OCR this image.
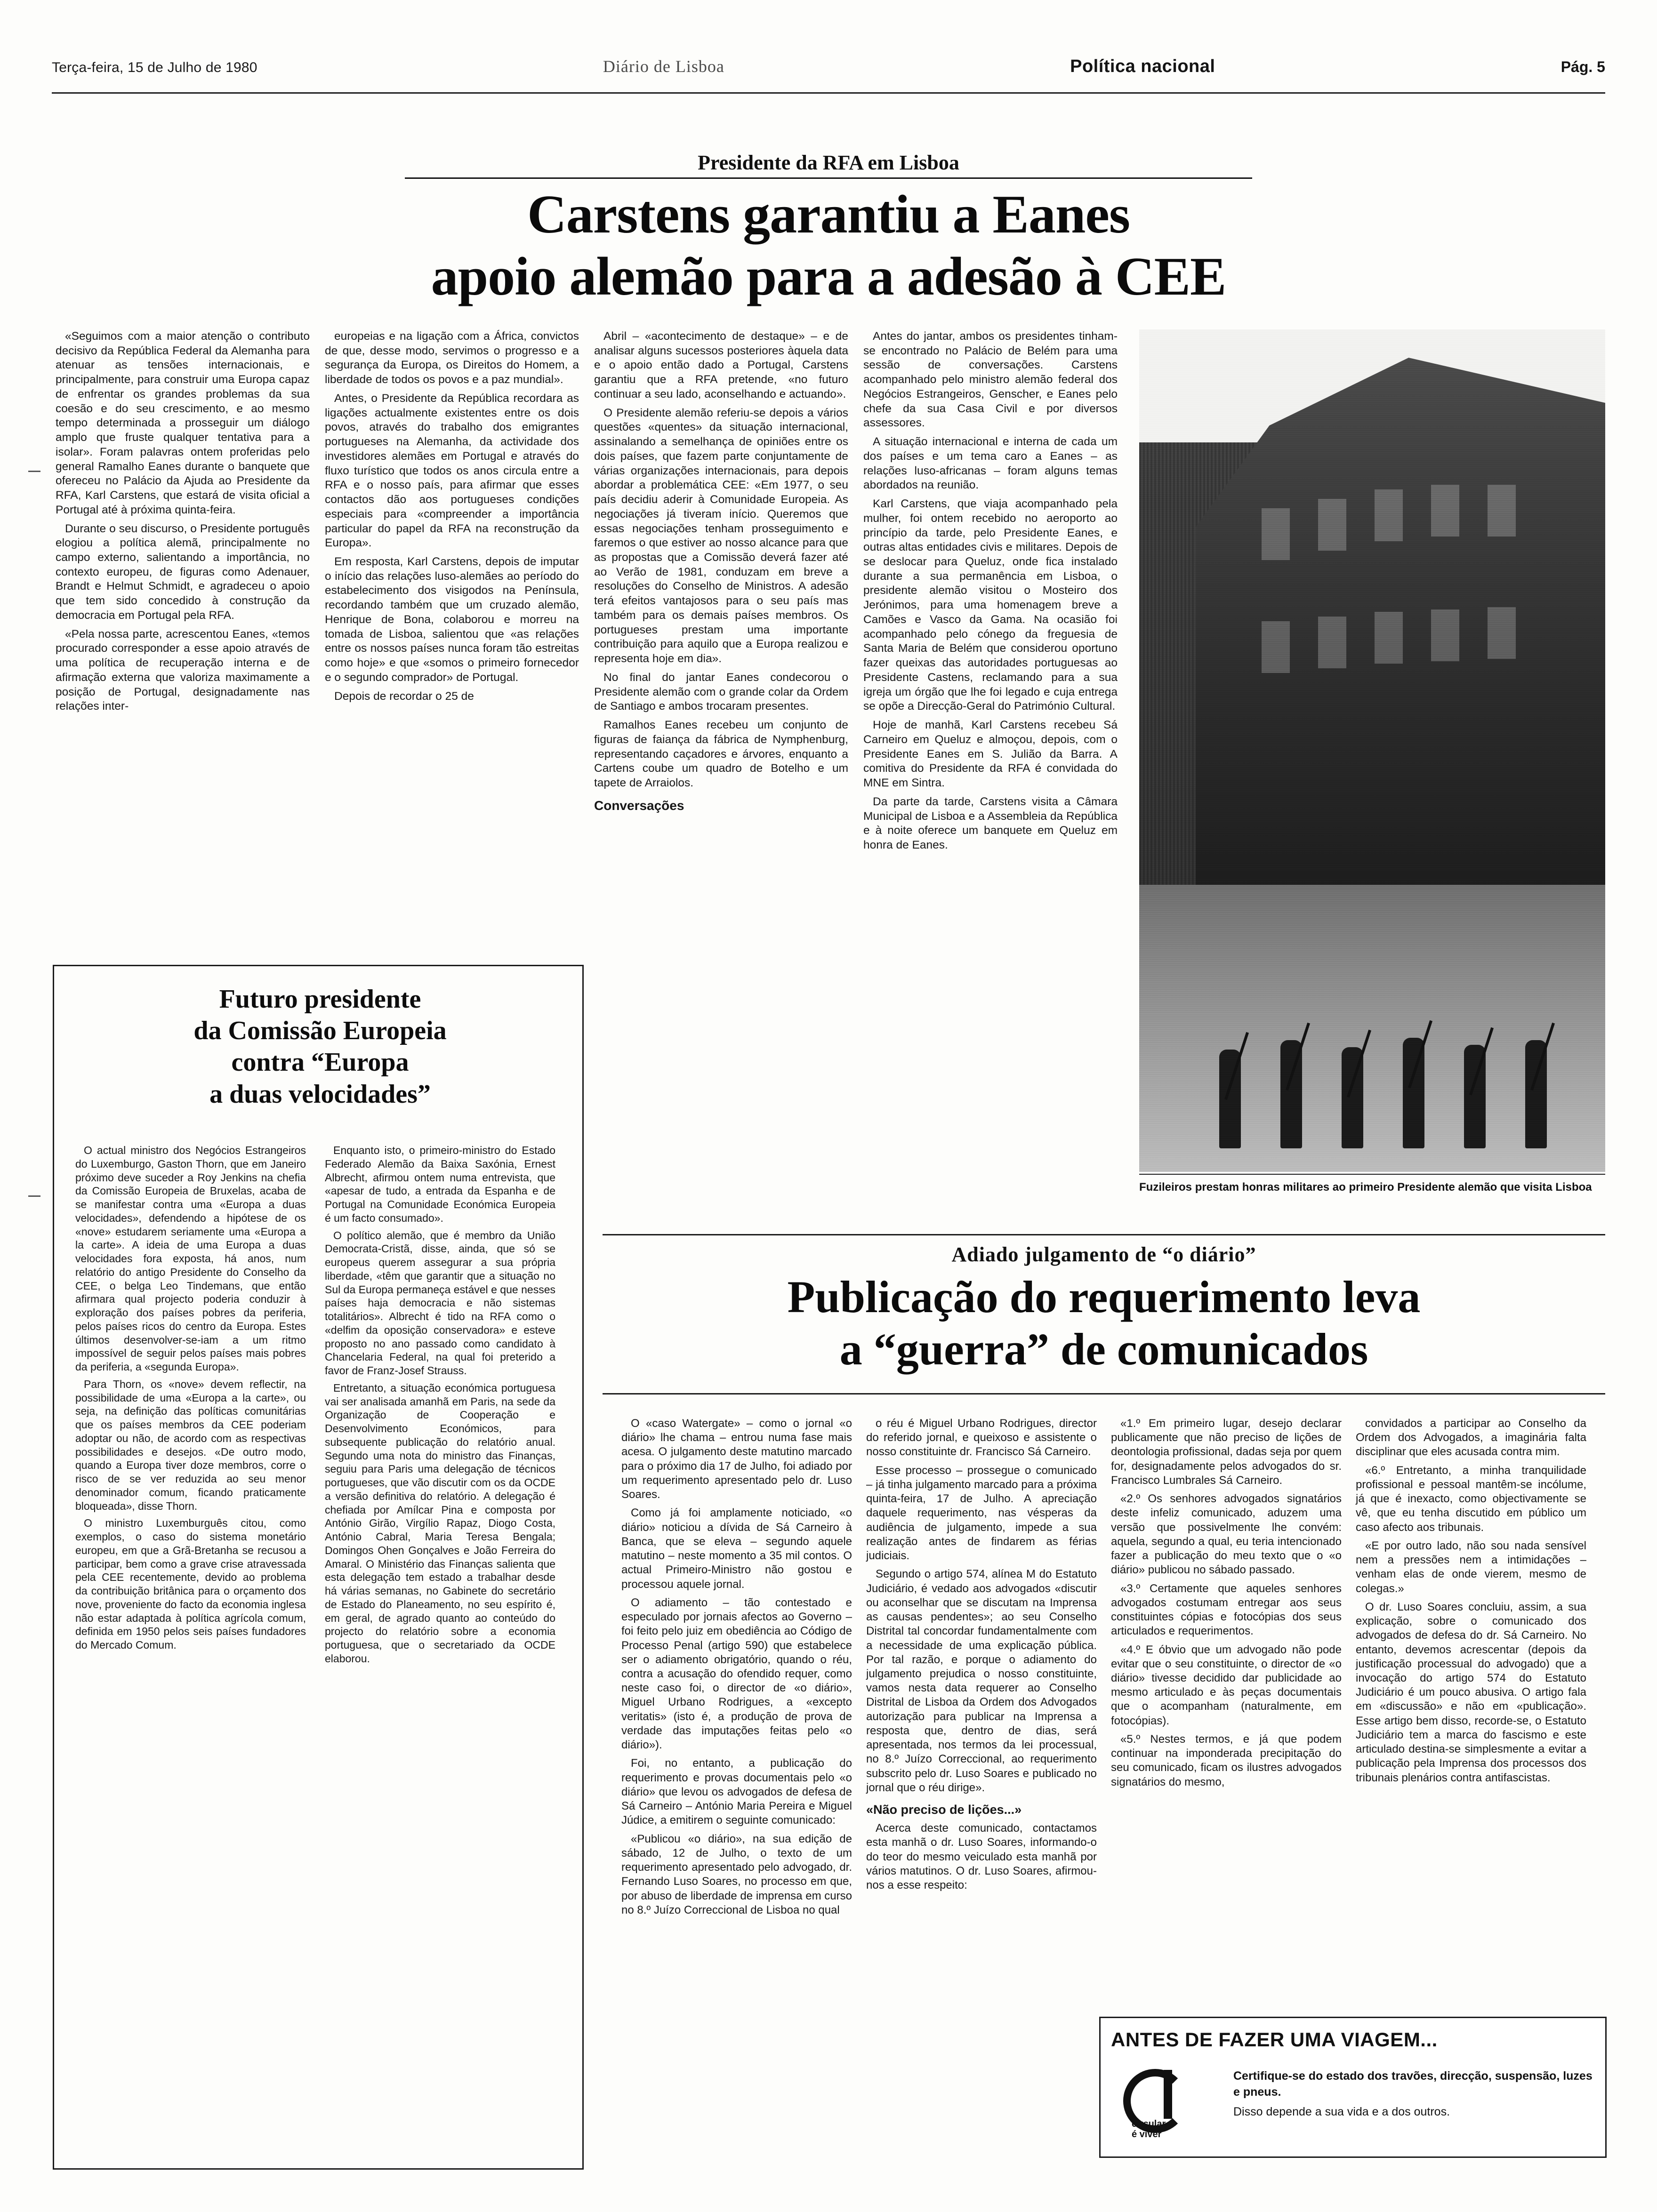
Terça-feira, 15 de Julho de 1980	Diário de Lisboa	Política nacional	Pág. 5
Presidente da RFA em Lisboa
Carstens garantiu a Eanes
apoio alemão para a adesão à CEE

«Seguimos com a maior atenção o contributo decisivo da República Federal da Alemanha para atenuar as tensões internacionais, e principalmente, para construir uma Europa capaz de enfrentar os grandes problemas da sua coesão e do seu crescimento, e ao mesmo tempo determinada a prosseguir um diálogo amplo que fruste qualquer tentativa para a isolar». Foram palavras ontem proferidas pelo general Ramalho Eanes durante o banquete que ofereceu no Palácio da Ajuda ao Presidente da RFA, Karl Carstens, que estará de visita oficial a Portugal até à próxima quinta-feira.

Durante o seu discurso, o Presidente português elogiou a política alemã, principalmente no campo externo, salientando a importância, no contexto europeu, de figuras como Adenauer, Brandt e Helmut Schmidt, e agradeceu o apoio que tem sido concedido à construção da democracia em Portugal pela RFA.

«Pela nossa parte, acrescentou Eanes, «temos procurado corresponder a esse apoio através de uma política de recuperação interna e de afirmação externa que valoriza maximamente a posição de Portugal, designadamente nas relações inter-

europeias e na ligação com a África, convictos de que, desse modo, servimos o progresso e a segurança da Europa, os Direitos do Homem, a liberdade de todos os povos e a paz mundial».

Antes, o Presidente da República recordara as ligações actualmente existentes entre os dois povos, através do trabalho dos emigrantes portugueses na Alemanha, da actividade dos investidores alemães em Portugal e através do fluxo turístico que todos os anos circula entre a RFA e o nosso país, para afirmar que esses contactos dão aos portugueses condições especiais para «compreender a importância particular do papel da RFA na reconstrução da Europa».

Em resposta, Karl Carstens, depois de imputar o início das relações luso-alemães ao período do estabelecimento dos visigodos na Península, recordando também que um cruzado alemão, Henrique de Bona, colaborou e morreu na tomada de Lisboa, salientou que «as relações entre os nossos países nunca foram tão estreitas como hoje» e que «somos o primeiro fornecedor e o segundo comprador» de Portugal.

Depois de recordar o 25 de

Abril – «acontecimento de destaque» – e de analisar alguns sucessos posteriores àquela data e o apoio então dado a Portugal, Carstens garantiu que a RFA pretende, «no futuro continuar a seu lado, aconselhando e actuando».

O Presidente alemão referiu-se depois a vários questões «quentes» da situação internacional, assinalando a semelhança de opiniões entre os dois países, que fazem parte conjuntamente de várias organizações internacionais, para depois abordar a problemática CEE: «Em 1977, o seu país decidiu aderir à Comunidade Europeia. As negociações já tiveram início. Queremos que essas negociações tenham prosseguimento e faremos o que estiver ao nosso alcance para que as propostas que a Comissão deverá fazer até ao Verão de 1981, conduzam em breve a resoluções do Conselho de Ministros. A adesão terá efeitos vantajosos para o seu país mas também para os demais países membros. Os portugueses prestam uma importante contribuição para aquilo que a Europa realizou e representa hoje em dia».

No final do jantar Eanes condecorou o Presidente alemão com o grande colar da Ordem de Santiago e ambos trocaram presentes.

Ramalhos Eanes recebeu um conjunto de figuras de faiança da fábrica de Nymphenburg, representando caçadores e árvores, enquanto a Cartens coube um quadro de Botelho e um tapete de Arraiolos.

Conversações

Antes do jantar, ambos os presidentes tinham-se encontrado no Palácio de Belém para uma sessão de conversações. Carstens acompanhado pelo ministro alemão federal dos Negócios Estrangeiros, Genscher, e Eanes pelo chefe da sua Casa Civil e por diversos assessores.

A situação internacional e interna de cada um dos países e um tema caro a Eanes – as relações luso-africanas – foram alguns temas abordados na reunião.

Karl Carstens, que viaja acompanhado pela mulher, foi ontem recebido no aeroporto ao princípio da tarde, pelo Presidente Eanes, e outras altas entidades civis e militares. Depois de se deslocar para Queluz, onde fica instalado durante a sua permanência em Lisboa, o presidente alemão visitou o Mosteiro dos Jerónimos, para uma homenagem breve a Camões e Vasco da Gama. Na ocasião foi acompanhado pelo cónego da freguesia de Santa Maria de Belém que considerou oportuno fazer queixas das autoridades portuguesas ao Presidente Castens, reclamando para a sua igreja um órgão que lhe foi legado e cuja entrega se opõe a Direcção-Geral do Património Cultural.

Hoje de manhã, Karl Carstens recebeu Sá Carneiro em Queluz e almoçou, depois, com o Presidente Eanes em S. Julião da Barra. A comitiva do Presidente da RFA é convidada do MNE em Sintra.

Da parte da tarde, Carstens visita a Câmara Municipal de Lisboa e a Assembleia da República e à noite oferece um banquete em Queluz em honra de Eanes.

Fuzileiros prestam honras militares ao primeiro Presidente alemão que visita Lisboa
Futuro presidente
da Comissão Europeia
contra “Europa
a duas velocidades”

O actual ministro dos Negócios Estrangeiros do Luxemburgo, Gaston Thorn, que em Janeiro próximo deve suceder a Roy Jenkins na chefia da Comissão Europeia de Bruxelas, acaba de se manifestar contra uma «Europa a duas velocidades», defendendo a hipótese de os «nove» estudarem seriamente uma «Europa a la carte». A ideia de uma Europa a duas velocidades fora exposta, há anos, num relatório do antigo Presidente do Conselho da CEE, o belga Leo Tindemans, que então afirmara qual projecto poderia conduzir à exploração dos países pobres da periferia, pelos países ricos do centro da Europa. Estes últimos desenvolver-se-iam a um ritmo impossível de seguir pelos países mais pobres da periferia, a «segunda Europa».

Para Thorn, os «nove» devem reflectir, na possibilidade de uma «Europa a la carte», ou seja, na definição das políticas comunitárias que os países membros da CEE poderiam adoptar ou não, de acordo com as respectivas possibilidades e desejos. «De outro modo, quando a Europa tiver doze membros, corre o risco de se ver reduzida ao seu menor denominador comum, ficando praticamente bloqueada», disse Thorn.

O ministro Luxemburguês citou, como exemplos, o caso do sistema monetário europeu, em que a Grã-Bretanha se recusou a participar, bem como a grave crise atravessada pela CEE recentemente, devido ao problema da contribuição britânica para o orçamento dos nove, proveniente do facto da economia inglesa não estar adaptada à política agrícola comum, definida em 1950 pelos seis países fundadores do Mercado Comum.

Enquanto isto, o primeiro-ministro do Estado Federado Alemão da Baixa Saxónia, Ernest Albrecht, afirmou ontem numa entrevista, que «apesar de tudo, a entrada da Espanha e de Portugal na Comunidade Económica Europeia é um facto consumado».

O político alemão, que é membro da União Democrata-Cristã, disse, ainda, que só se europeus querem assegurar a sua própria liberdade, «têm que garantir que a situação no Sul da Europa permaneça estável e que nesses países haja democracia e não sistemas totalitários». Albrecht é tido na RFA como o «delfim da oposição conservadora» e esteve proposto no ano passado como candidato à Chancelaria Federal, na qual foi preterido a favor de Franz-Josef Strauss.

Entretanto, a situação económica portuguesa vai ser analisada amanhã em Paris, na sede da Organização de Cooperação e Desenvolvimento Económicos, para subsequente publicação do relatório anual. Segundo uma nota do ministro das Finanças, seguiu para Paris uma delegação de técnicos portugueses, que vão discutir com os da OCDE a versão definitiva do relatório. A delegação é chefiada por Amílcar Pina e composta por António Girão, Virgílio Rapaz, Diogo Costa, António Cabral, Maria Teresa Bengala; Domingos Ohen Gonçalves e João Ferreira do Amaral. O Ministério das Finanças salienta que esta delegação tem estado a trabalhar desde há várias semanas, no Gabinete do secretário de Estado do Planeamento, no seu espírito é, em geral, de agrado quanto ao conteúdo do projecto do relatório sobre a economia portuguesa, que o secretariado da OCDE elaborou.

Adiado julgamento de “o diário”
Publicação do requerimento leva
a “guerra” de comunicados

O «caso Watergate» – como o jornal «o diário» lhe chama – entrou numa fase mais acesa. O julgamento deste matutino marcado para o próximo dia 17 de Julho, foi adiado por um requerimento apresentado pelo dr. Luso Soares.

Como já foi amplamente noticiado, «o diário» noticiou a dívida de Sá Carneiro à Banca, que se eleva – segundo aquele matutino – neste momento a 35 mil contos. O actual Primeiro-Ministro não gostou e processou aquele jornal.

O adiamento – tão contestado e especulado por jornais afectos ao Governo – foi feito pelo juiz em obediência ao Código de Processo Penal (artigo 590) que estabelece ser o adiamento obrigatório, quando o réu, contra a acusação do ofendido requer, como neste caso foi, o director de «o diário», Miguel Urbano Rodrigues, a «excepto veritatis» (isto é, a produção de prova de verdade das imputações feitas pelo «o diário»).

Foi, no entanto, a publicação do requerimento e provas documentais pelo «o diário» que levou os advogados de defesa de Sá Carneiro – António Maria Pereira e Miguel Júdice, a emitirem o seguinte comunicado:

«Publicou «o diário», na sua edição de sábado, 12 de Julho, o texto de um requerimento apresentado pelo advogado, dr. Fernando Luso Soares, no processo em que, por abuso de liberdade de imprensa em curso no 8.º Juízo Correccional de Lisboa no qual

o réu é Miguel Urbano Rodrigues, director do referido jornal, e queixoso e assistente o nosso constituinte dr. Francisco Sá Carneiro.

Esse processo – prossegue o comunicado – já tinha julgamento marcado para a próxima quinta-feira, 17 de Julho. A apreciação daquele requerimento, nas vésperas da audiência de julgamento, impede a sua realização antes de findarem as férias judiciais.

Segundo o artigo 574, alínea M do Estatuto Judiciário, é vedado aos advogados «discutir ou aconselhar que se discutam na Imprensa as causas pendentes»; ao seu Conselho Distrital tal concordar fundamentalmente com a necessidade de uma explicação pública. Por tal razão, e porque o adiamento do julgamento prejudica o nosso constituinte, vamos nesta data requerer ao Conselho Distrital de Lisboa da Ordem dos Advogados autorização para publicar na Imprensa a resposta que, dentro de dias, será apresentada, nos termos da lei processual, no 8.º Juízo Correccional, ao requerimento subscrito pelo dr. Luso Soares e publicado no jornal que o réu dirige».

«Não preciso de lições...»

Acerca deste comunicado, contactamos esta manhã o dr. Luso Soares, informando-o do teor do mesmo veiculado esta manhã por vários matutinos. O dr. Luso Soares, afirmou-nos a esse respeito:

«1.º Em primeiro lugar, desejo declarar publicamente que não preciso de lições de deontologia profissional, dadas seja por quem for, designadamente pelos advogados do sr. Francisco Lumbrales Sá Carneiro.

«2.º Os senhores advogados signatários deste infeliz comunicado, aduzem uma versão que possivelmente lhe convém: aquela, segundo a qual, eu teria intencionado fazer a publicação do meu texto que o «o diário» publicou no sábado passado.

«3.º Certamente que aqueles senhores advogados costumam entregar aos seus constituintes cópias e fotocópias dos seus articulados e requerimentos.

«4.º E óbvio que um advogado não pode evitar que o seu constituinte, o director de «o diário» tivesse decidido dar publicidade ao mesmo articulado e às peças documentais que o acompanham (naturalmente, em fotocópias).

«5.º Nestes termos, e já que podem continuar na imponderada precipitação do seu comunicado, ficam os ilustres advogados signatários do mesmo,

convidados a participar ao Conselho da Ordem dos Advogados, a imaginária falta disciplinar que eles acusada contra mim.

«6.º Entretanto, a minha tranquilidade profissional e pessoal mantêm-se incólume, já que é inexacto, como objectivamente se vê, que eu tenha discutido em público um caso afecto aos tribunais.

«E por outro lado, não sou nada sensível nem a pressões nem a intimidações – venham elas de onde vierem, mesmo de colegas.»

O dr. Luso Soares concluiu, assim, a sua explicação, sobre o comunicado dos advogados de defesa do dr. Sá Carneiro. No entanto, devemos acrescentar (depois da justificação processual do advogado) que a invocação do artigo 574 do Estatuto Judiciário é um pouco abusiva. O artigo fala em «discussão» e não em «publicação». Esse artigo bem disso, recorde-se, o Estatuto Judiciário tem a marca do fascismo e este articulado destina-se simplesmente a evitar a publicação pela Imprensa dos processos dos tribunais plenários contra antifascistas.

ANTES DE FAZER UMA VIAGEM...
circular
é viver
Certifique-se do estado dos travões, direcção, suspensão, luzes e pneus.
Disso depende a sua vida e a dos outros.
